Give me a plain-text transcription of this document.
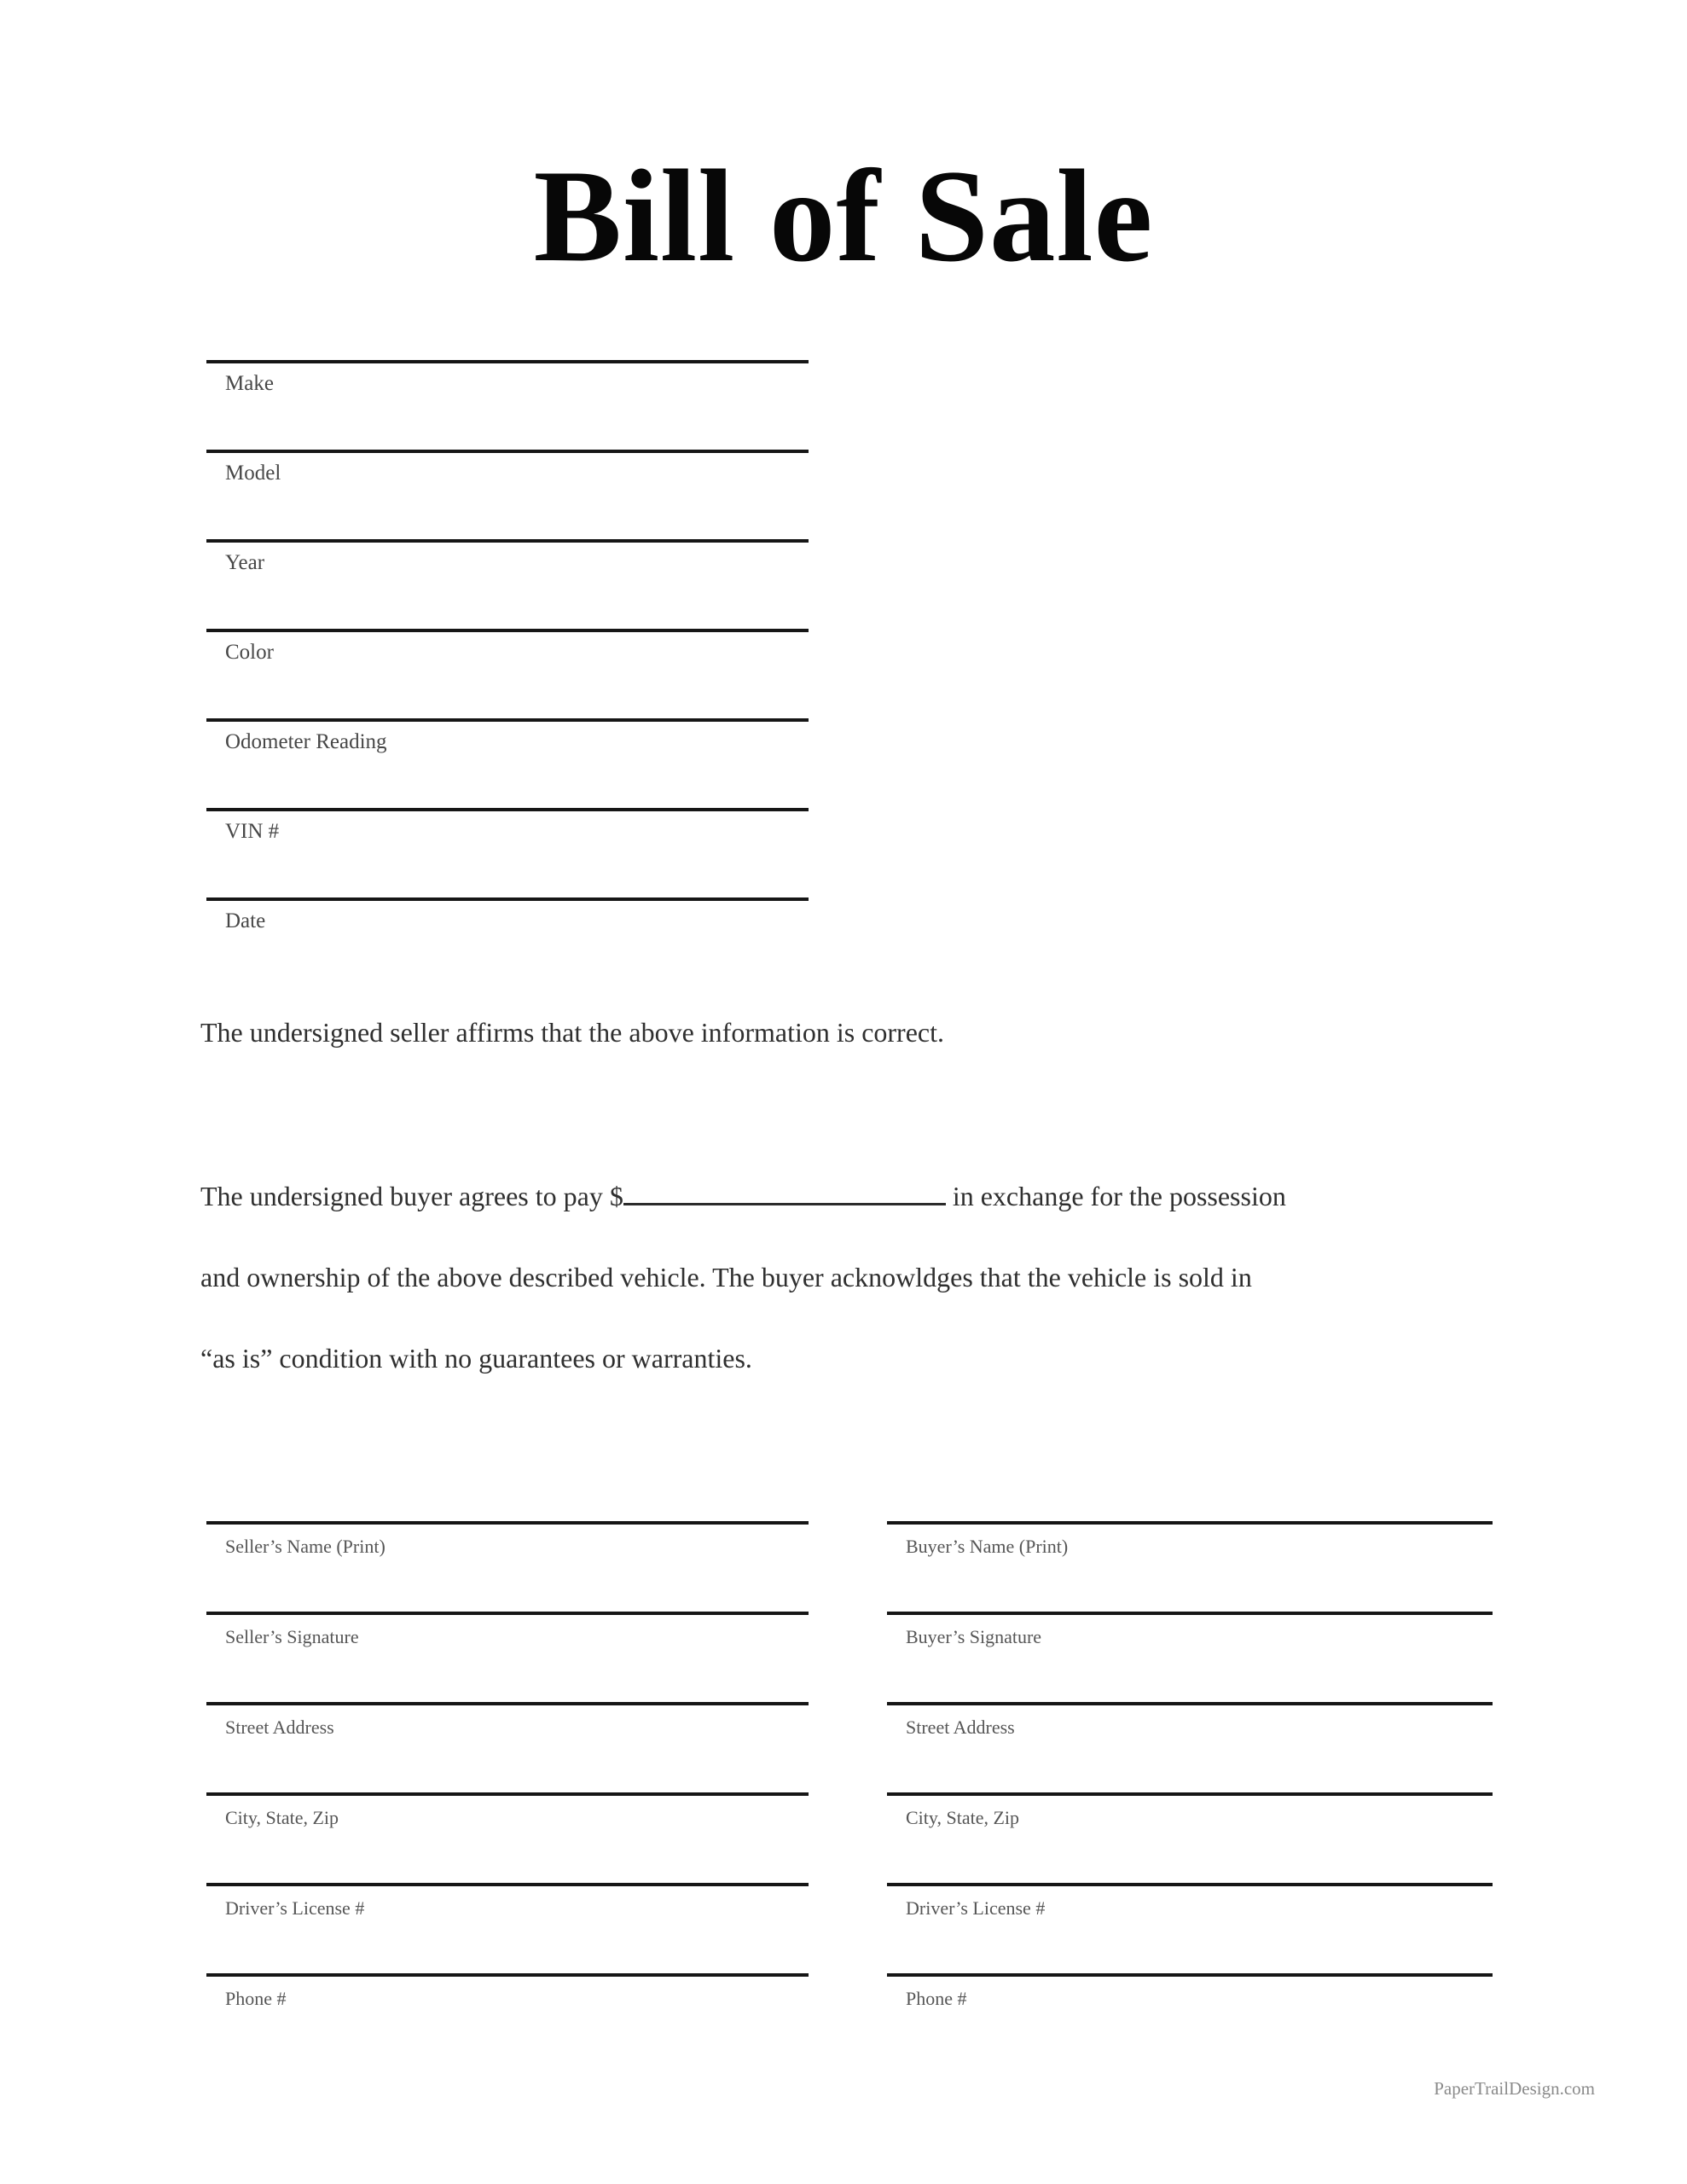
Bill of Sale
Make
Model
Year
Color
Odometer Reading
VIN #
Date

The undersigned seller affirms that the above information is correct.

The undersigned buyer agrees to pay $	in exchange for the possession
and ownership of the above described vehicle. The buyer acknowldges that the vehicle is sold in
“as is” condition with no guarantees or warranties.
Seller’s Name (Print)
Seller’s Signature
Street Address
City, State, Zip
Driver’s License #
Phone #
Buyer’s Name (Print)
Buyer’s Signature
Street Address
City, State, Zip
Driver’s License #
Phone #
PaperTrailDesign.com
